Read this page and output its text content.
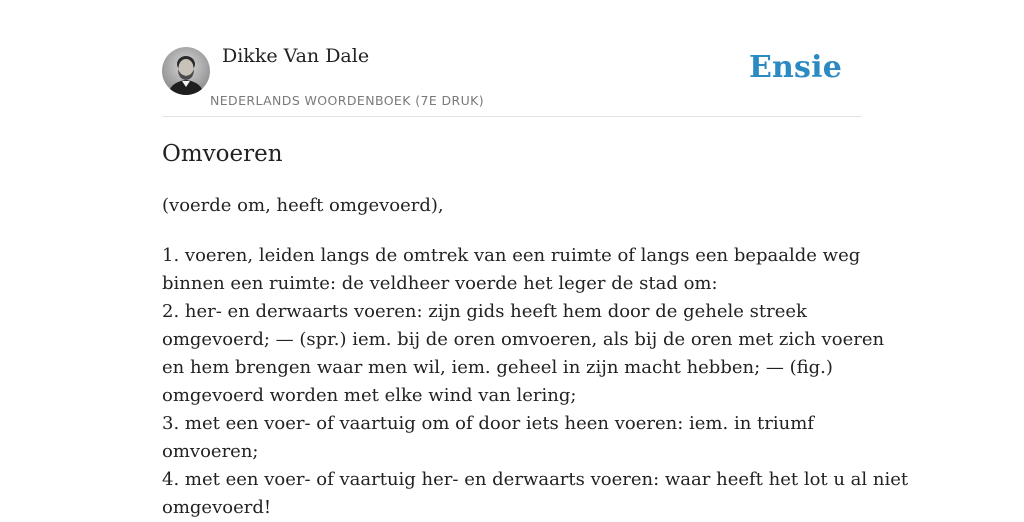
Dikke Van Dale
NEDERLANDS WOORDENBOEK (7E DRUK)
Ensie
Omvoeren
(voerde om, heeft omgevoerd),
1. voeren, leiden langs de omtrek van een ruimte of langs een bepaalde weg
binnen een ruimte: de veldheer voerde het leger de stad om:
2. her- en derwaarts voeren: zijn gids heeft hem door de gehele streek
omgevoerd; — (spr.) iem. bij de oren omvoeren, als bij de oren met zich voeren
en hem brengen waar men wil, iem. geheel in zijn macht hebben; — (fig.)
omgevoerd worden met elke wind van lering;
3. met een voer- of vaartuig om of door iets heen voeren: iem. in triumf
omvoeren;
4. met een voer- of vaartuig her- en derwaarts voeren: waar heeft het lot u al niet
omgevoerd!
